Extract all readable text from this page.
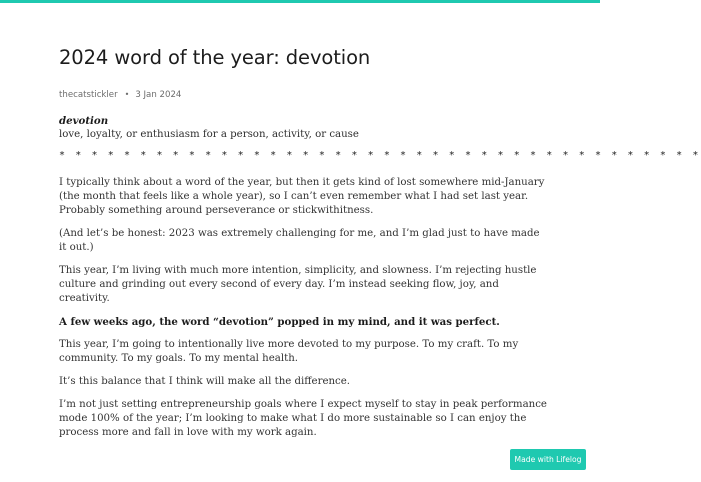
2024 word of the year: devotion
thecatstickler • 3 Jan 2024
devotion
love, loyalty, or enthusiasm for a person, activity, or cause
* * * * * * * * * * * * * * * * * * * * * * * * * * * * * * * * * * * * * * * *

I typically think about a word of the year, but then it gets kind of lost somewhere mid-January (the month that feels like a whole year), so I can’t even remember what I had set last year. Probably something around perseverance or stickwithitness.

(And let’s be honest: 2023 was extremely challenging for me, and I’m glad just to have made it out.)

This year, I’m living with much more intention, simplicity, and slowness. I’m rejecting hustle culture and grinding out every second of every day. I’m instead seeking flow, joy, and creativity.

A few weeks ago, the word “devotion” popped in my mind, and it was perfect.

This year, I’m going to intentionally live more devoted to my purpose. To my craft. To my community. To my goals. To my mental health.

It’s this balance that I think will make all the difference.

I’m not just setting entrepreneurship goals where I expect myself to stay in peak performance mode 100% of the year; I’m looking to make what I do more sustainable so I can enjoy the process more and fall in love with my work again.

Made with Lifelog
